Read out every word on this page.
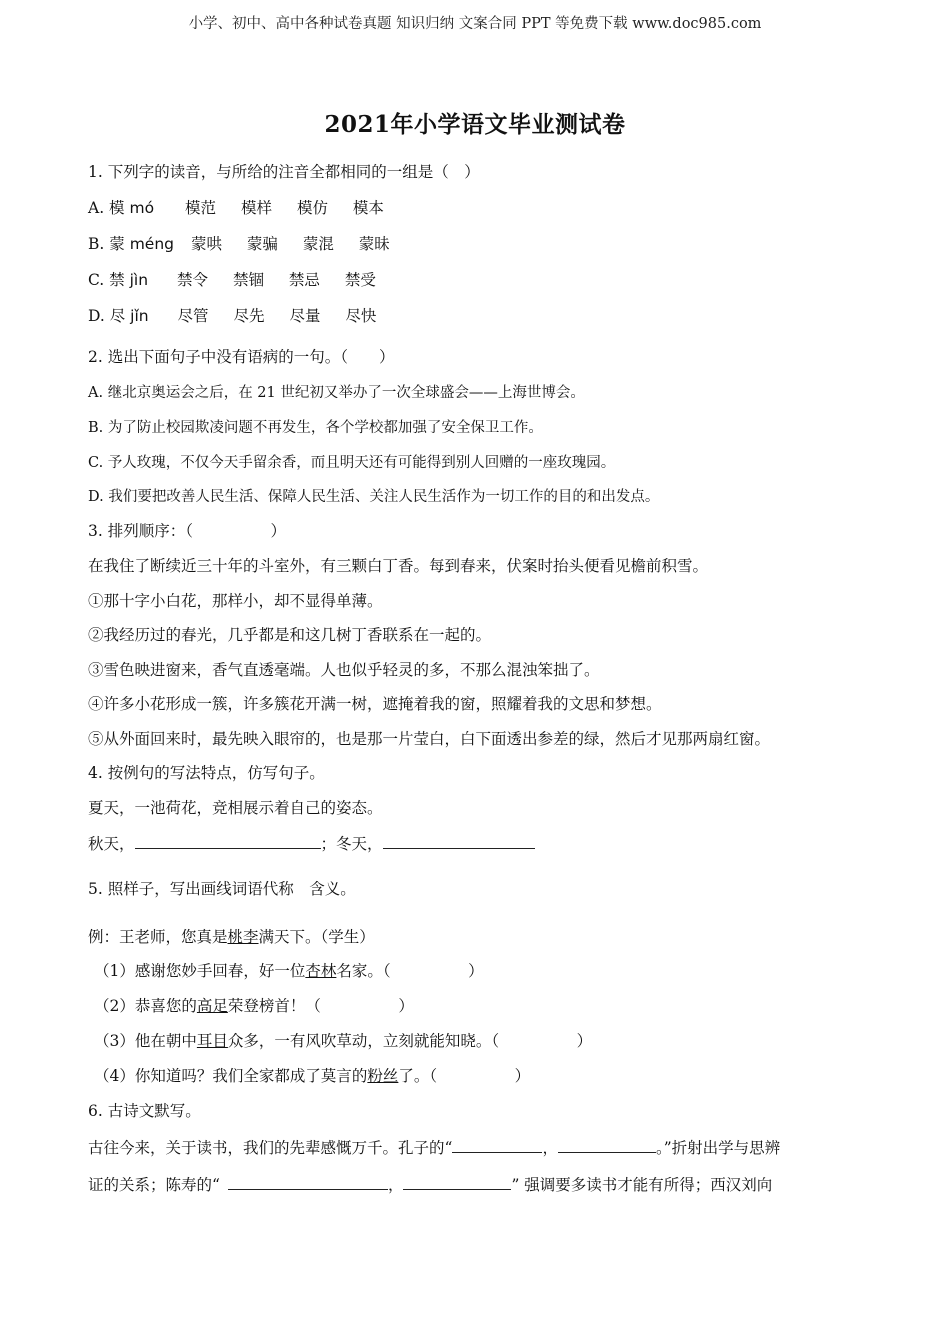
小学、初中、高中各种试卷真题 知识归纳 文案合同 PPT 等免费下载 www.doc985.com
2021年小学语文毕业测试卷
1. 下列字的读音，与所给的注音全都相同的一组是（　）
A. 模 mó 模范 模样 模仿 模本
B. 蒙 méng 蒙哄 蒙骗 蒙混 蒙昧
C. 禁 jìn 禁令 禁锢 禁忌 禁受
D. 尽 jǐn 尽管 尽先 尽量 尽快
2. 选出下面句子中没有语病的一句。（　　）
A. 继北京奥运会之后，在 21 世纪初又举办了一次全球盛会——上海世博会。
B. 为了防止校园欺凌问题不再发生，各个学校都加强了安全保卫工作。
C. 予人玫瑰，不仅今天手留余香，而且明天还有可能得到别人回赠的一座玫瑰园。
D. 我们要把改善人民生活、保障人民生活、关注人民生活作为一切工作的目的和出发点。
3. 排列顺序：（　　　　　）
在我住了断续近三十年的斗室外，有三颗白丁香。每到春来，伏案时抬头便看见檐前积雪。
①那十字小白花，那样小，却不显得单薄。
②我经历过的春光，几乎都是和这几树丁香联系在一起的。
③雪色映进窗来，香气直透毫端。人也似乎轻灵的多，不那么混浊笨拙了。
④许多小花形成一簇，许多簇花开满一树，遮掩着我的窗，照耀着我的文思和梦想。
⑤从外面回来时，最先映入眼帘的，也是那一片莹白，白下面透出参差的绿，然后才见那两扇红窗。
4. 按例句的写法特点，仿写句子。
夏天，一池荷花，竞相展示着自己的姿态。
秋天，	；冬天，
5. 照样子，写出画线词语代称　含义。
例：王老师，您真是桃李满天下。（学生）
（1）感谢您妙手回春，好一位杏林名家。（　　　　　）
（2）恭喜您的高足荣登榜首！（　　　　　）
（3）他在朝中耳目众多，一有风吹草动，立刻就能知晓。（　　　　　）
（4）你知道吗？我们全家都成了莫言的粉丝了。（　　　　　）
6. 古诗文默写。
古往今来，关于读书，我们的先辈感慨万千。孔子的“	，	。”折射出学与思辨
证的关系；陈寿的“	，	” 强调要多读书才能有所得；西汉刘向
